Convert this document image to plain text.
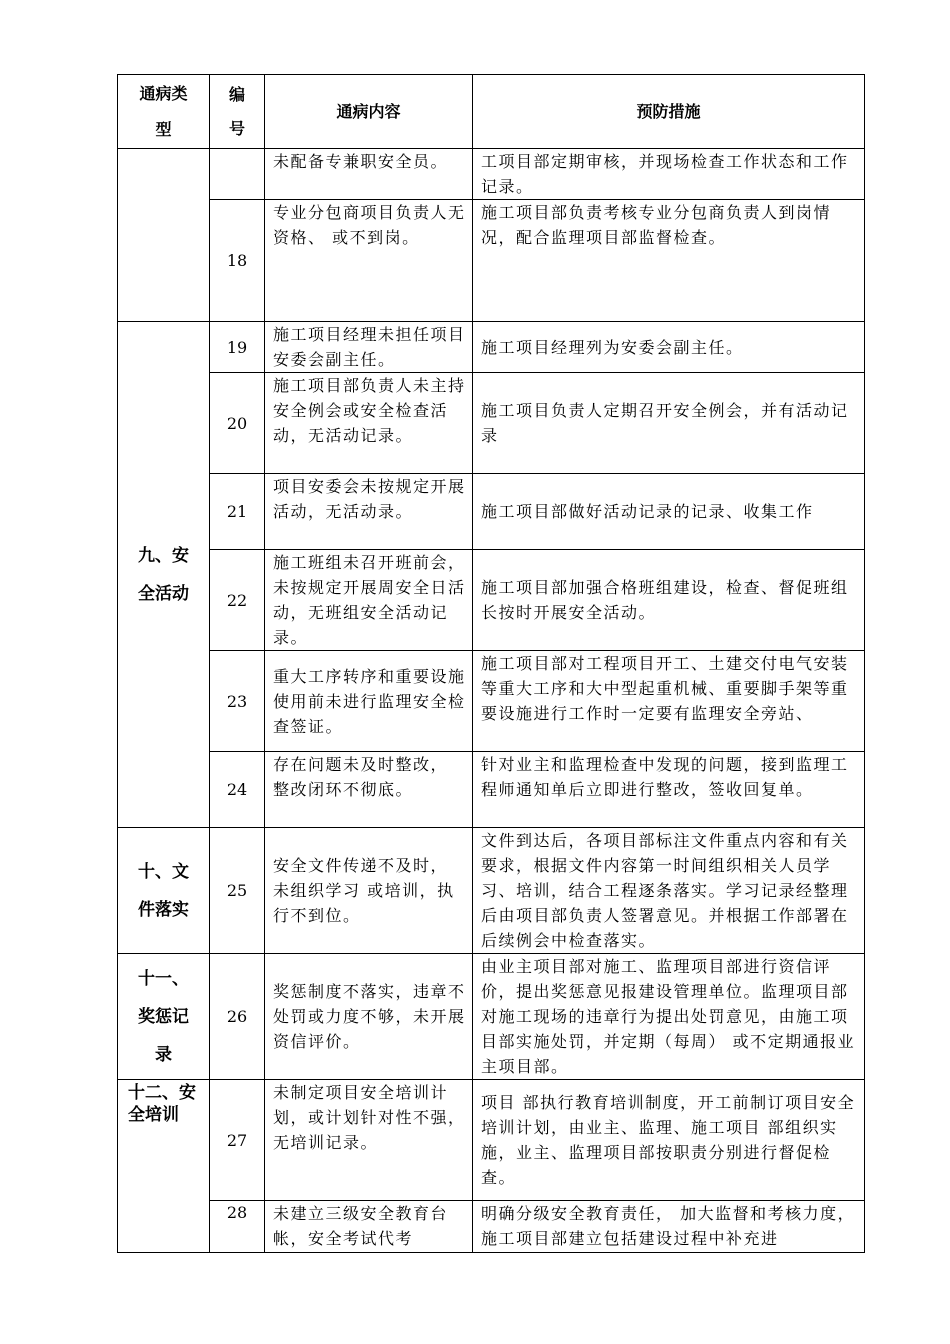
通病类型	编号	通病内容	预防措施
		未配备专兼职安全员。	工项目部定期审核，并现场检查工作状态和工作记录。
	18	专业分包商项目负责人无资格、 或不到岗。	施工项目部负责考核专业分包商负责人到岗情况，配合监理项目部监督检查。

九、安全活动	19	施工项目经理未担任项目安委会副主任。	施工项目经理列为安委会副主任。
	20	施工项目部负责人未主持安全例会或安全检查活动，无活动记录。	施工项目负责人定期召开安全例会，并有活动记录
	21	项目安委会未按规定开展活动，无活动录。	施工项目部做好活动记录的记录、收集工作
	22	施工班组未召开班前会，未按规定开展周安全日活动，无班组安全活动记录。	施工项目部加强合格班组建设，检查、督促班组长按时开展安全活动。
	23	重大工序转序和重要设施使用前未进行监理安全检查签证。	施工项目部对工程项目开工、土建交付电气安装等重大工序和大中型起重机械、重要脚手架等重要设施进行工作时一定要有监理安全旁站、
	24	存在问题未及时整改， 整改闭环不彻底。	针对业主和监理检查中发现的问题，接到监理工程师通知单后立即进行整改，签收回复单。

十、文件落实	25	安全文件传递不及时， 未组织学习 或培训，执行不到位。	文件到达后，各项目部标注文件重点内容和有关要求，根据文件内容第一时间组织相关人员学习、培训，结合工程逐条落实。学习记录经整理后由项目部负责人签署意见。并根据工作部署在后续例会中检查落实。

十一、奖惩记录	26	奖惩制度不落实，违章不处罚或力度不够，未开展资信评价。	由业主项目部对施工、监理项目部进行资信评价，提出奖惩意见报建设管理单位。监理项目部对施工现场的违章行为提出处罚意见，由施工项目部实施处罚，并定期（每周） 或不定期通报业主项目部。

十二、安全培训	27	未制定项目安全培训计划，或计划针对性不强， 无培训记录。	项目 部执行教育培训制度，开工前制订项目安全培训计划，由业主、监理、施工项目 部组织实施，业主、监理项目部按职责分别进行督促检查。
	28	未建立三级安全教育台帐，安全考试代考	明确分级安全教育责任， 加大监督和考核力度， 施工项目部建立包括建设过程中补充进
